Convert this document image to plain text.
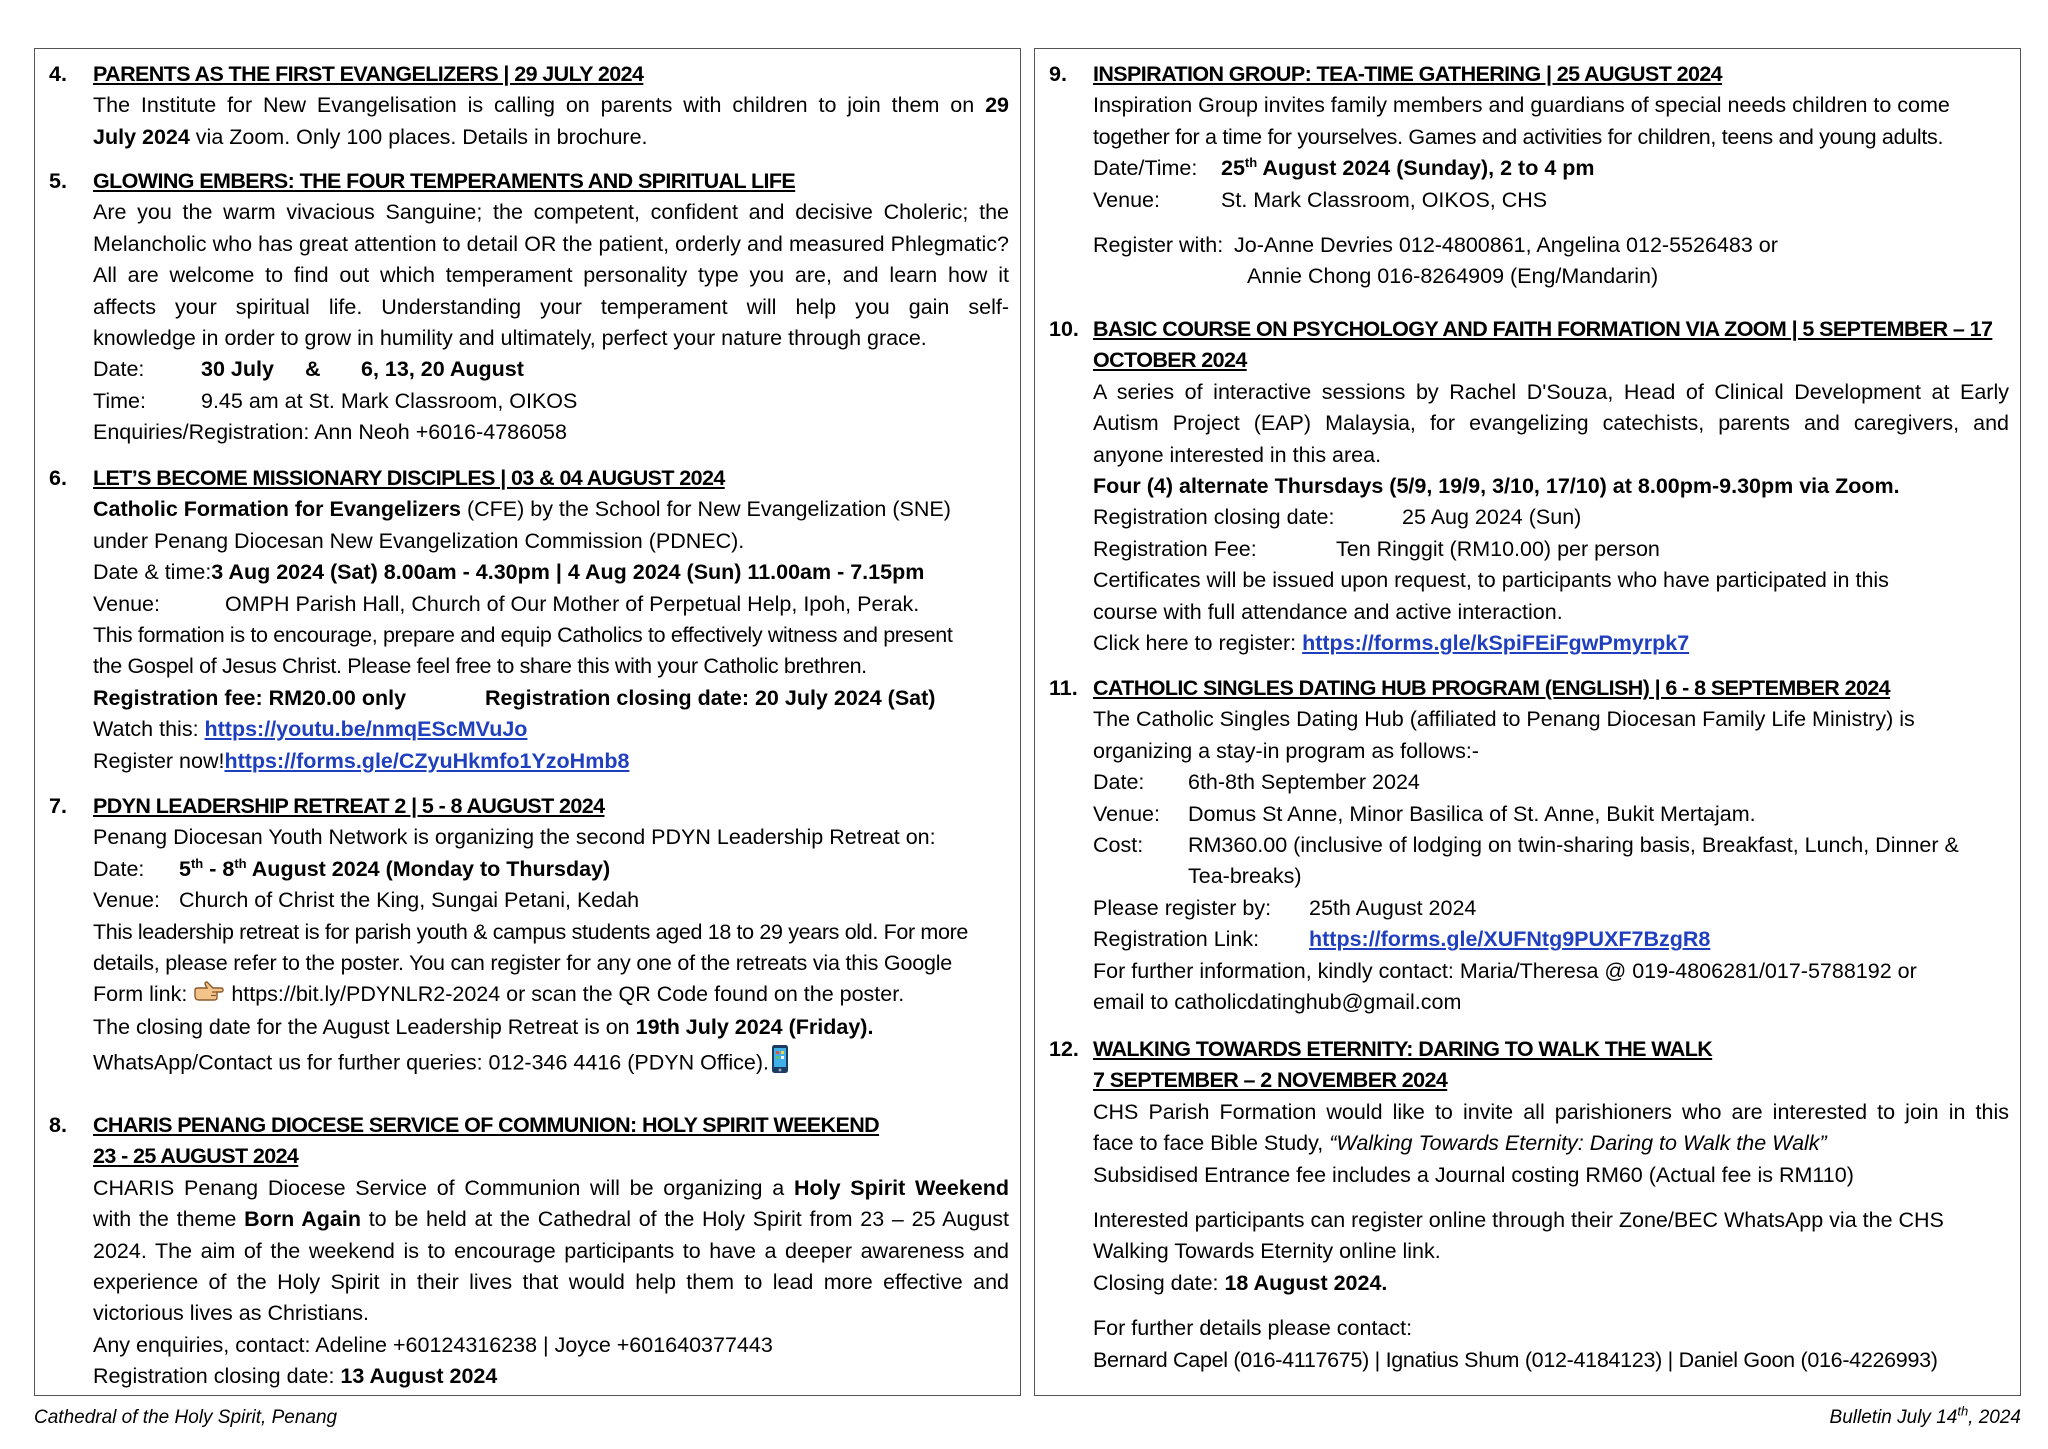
4.	PARENTS AS THE FIRST EVANGELIZERS | 29 JULY 2024
The Institute for New Evangelisation is calling on parents with children to join them on 29
July 2024 via Zoom. Only 100 places. Details in brochure.
5.	GLOWING EMBERS: THE FOUR TEMPERAMENTS AND SPIRITUAL LIFE
Are you the warm vivacious Sanguine; the competent, confident and decisive Choleric; the
Melancholic who has great attention to detail OR the patient, orderly and measured Phlegmatic?
All are welcome to find out which temperament personality type you are, and learn how it
affects your spiritual life. Understanding your temperament will help you gain self-
knowledge in order to grow in humility and ultimately, perfect your nature through grace.
Date:	30 July & 6, 13, 20 August
Time:	9.45 am at St. Mark Classroom, OIKOS
Enquiries/Registration: Ann Neoh +6016-4786058
6.	LET’S BECOME MISSIONARY DISCIPLES | 03 & 04 AUGUST 2024
Catholic Formation for Evangelizers (CFE) by the School for New Evangelization (SNE)
under Penang Diocesan New Evangelization Commission (PDNEC).
Date & time:3 Aug 2024 (Sat) 8.00am - 4.30pm | 4 Aug 2024 (Sun) 11.00am - 7.15pm
Venue:	OMPH Parish Hall, Church of Our Mother of Perpetual Help, Ipoh, Perak.
This formation is to encourage, prepare and equip Catholics to effectively witness and present
the Gospel of Jesus Christ. Please feel free to share this with your Catholic brethren.
Registration fee: RM20.00 only	Registration closing date: 20 July 2024 (Sat)
Watch this: https://youtu.be/nmqEScMVuJo
Register now!https://forms.gle/CZyuHkmfo1YzoHmb8
7.	PDYN LEADERSHIP RETREAT 2 | 5 - 8 AUGUST 2024
Penang Diocesan Youth Network is organizing the second PDYN Leadership Retreat on:
Date: 5th - 8th August 2024 (Monday to Thursday)
Venue: Church of Christ the King, Sungai Petani, Kedah
This leadership retreat is for parish youth & campus students aged 18 to 29 years old. For more
details, please refer to the poster. You can register for any one of the retreats via this Google
Form link:  https://bit.ly/PDYNLR2-2024 or scan the QR Code found on the poster.
The closing date for the August Leadership Retreat is on 19th July 2024 (Friday).
WhatsApp/Contact us for further queries: 012-346 4416 (PDYN Office).
8.	CHARIS PENANG DIOCESE SERVICE OF COMMUNION: HOLY SPIRIT WEEKEND
23 - 25 AUGUST 2024
CHARIS Penang Diocese Service of Communion will be organizing a Holy Spirit Weekend
with the theme Born Again to be held at the Cathedral of the Holy Spirit from 23 – 25 August
2024. The aim of the weekend is to encourage participants to have a deeper awareness and
experience of the Holy Spirit in their lives that would help them to lead more effective and
victorious lives as Christians.
Any enquiries, contact: Adeline +60124316238 | Joyce +601640377443
Registration closing date: 13 August 2024
9.	INSPIRATION GROUP: TEA-TIME GATHERING | 25 AUGUST 2024
Inspiration Group invites family members and guardians of special needs children to come
together for a time for yourselves. Games and activities for children, teens and young adults.
Date/Time: 25th August 2024 (Sunday), 2 to 4 pm
Venue:	St. Mark Classroom, OIKOS, CHS
Register with: Jo-Anne Devries 012-4800861, Angelina 012-5526483 or
Annie Chong 016-8264909 (Eng/Mandarin)
10. BASIC COURSE ON PSYCHOLOGY AND FAITH FORMATION VIA ZOOM | 5 SEPTEMBER – 17
OCTOBER 2024
A series of interactive sessions by Rachel D'Souza, Head of Clinical Development at Early
Autism Project (EAP) Malaysia, for evangelizing catechists, parents and caregivers, and
anyone interested in this area.
Four (4) alternate Thursdays (5/9, 19/9, 3/10, 17/10) at 8.00pm-9.30pm via Zoom.
Registration closing date:	25 Aug 2024 (Sun)
Registration Fee:	Ten Ringgit (RM10.00) per person
Certificates will be issued upon request, to participants who have participated in this
course with full attendance and active interaction.
Click here to register: https://forms.gle/kSpiFEiFgwPmyrpk7
11. CATHOLIC SINGLES DATING HUB PROGRAM (ENGLISH) | 6 - 8 SEPTEMBER 2024
The Catholic Singles Dating Hub (affiliated to Penang Diocesan Family Life Ministry) is
organizing a stay-in program as follows:-
Date: 6th-8th September 2024
Venue: Domus St Anne, Minor Basilica of St. Anne, Bukit Mertajam.
Cost: RM360.00 (inclusive of lodging on twin-sharing basis, Breakfast, Lunch, Dinner &
Tea-breaks)
Please register by: 25th August 2024
Registration Link: https://forms.gle/XUFNtg9PUXF7BzgR8
For further information, kindly contact: Maria/Theresa @ 019-4806281/017-5788192 or
email to catholicdatinghub@gmail.com
12. WALKING TOWARDS ETERNITY: DARING TO WALK THE WALK
7 SEPTEMBER – 2 NOVEMBER 2024
CHS Parish Formation would like to invite all parishioners who are interested to join in this
face to face Bible Study, “Walking Towards Eternity: Daring to Walk the Walk”
Subsidised Entrance fee includes a Journal costing RM60 (Actual fee is RM110)
Interested participants can register online through their Zone/BEC WhatsApp via the CHS
Walking Towards Eternity online link.
Closing date: 18 August 2024.
For further details please contact:
Bernard Capel (016-4117675) | Ignatius Shum (012-4184123) | Daniel Goon (016-4226993)
Cathedral of the Holy Spirit, Penang	Bulletin July 14th, 2024
